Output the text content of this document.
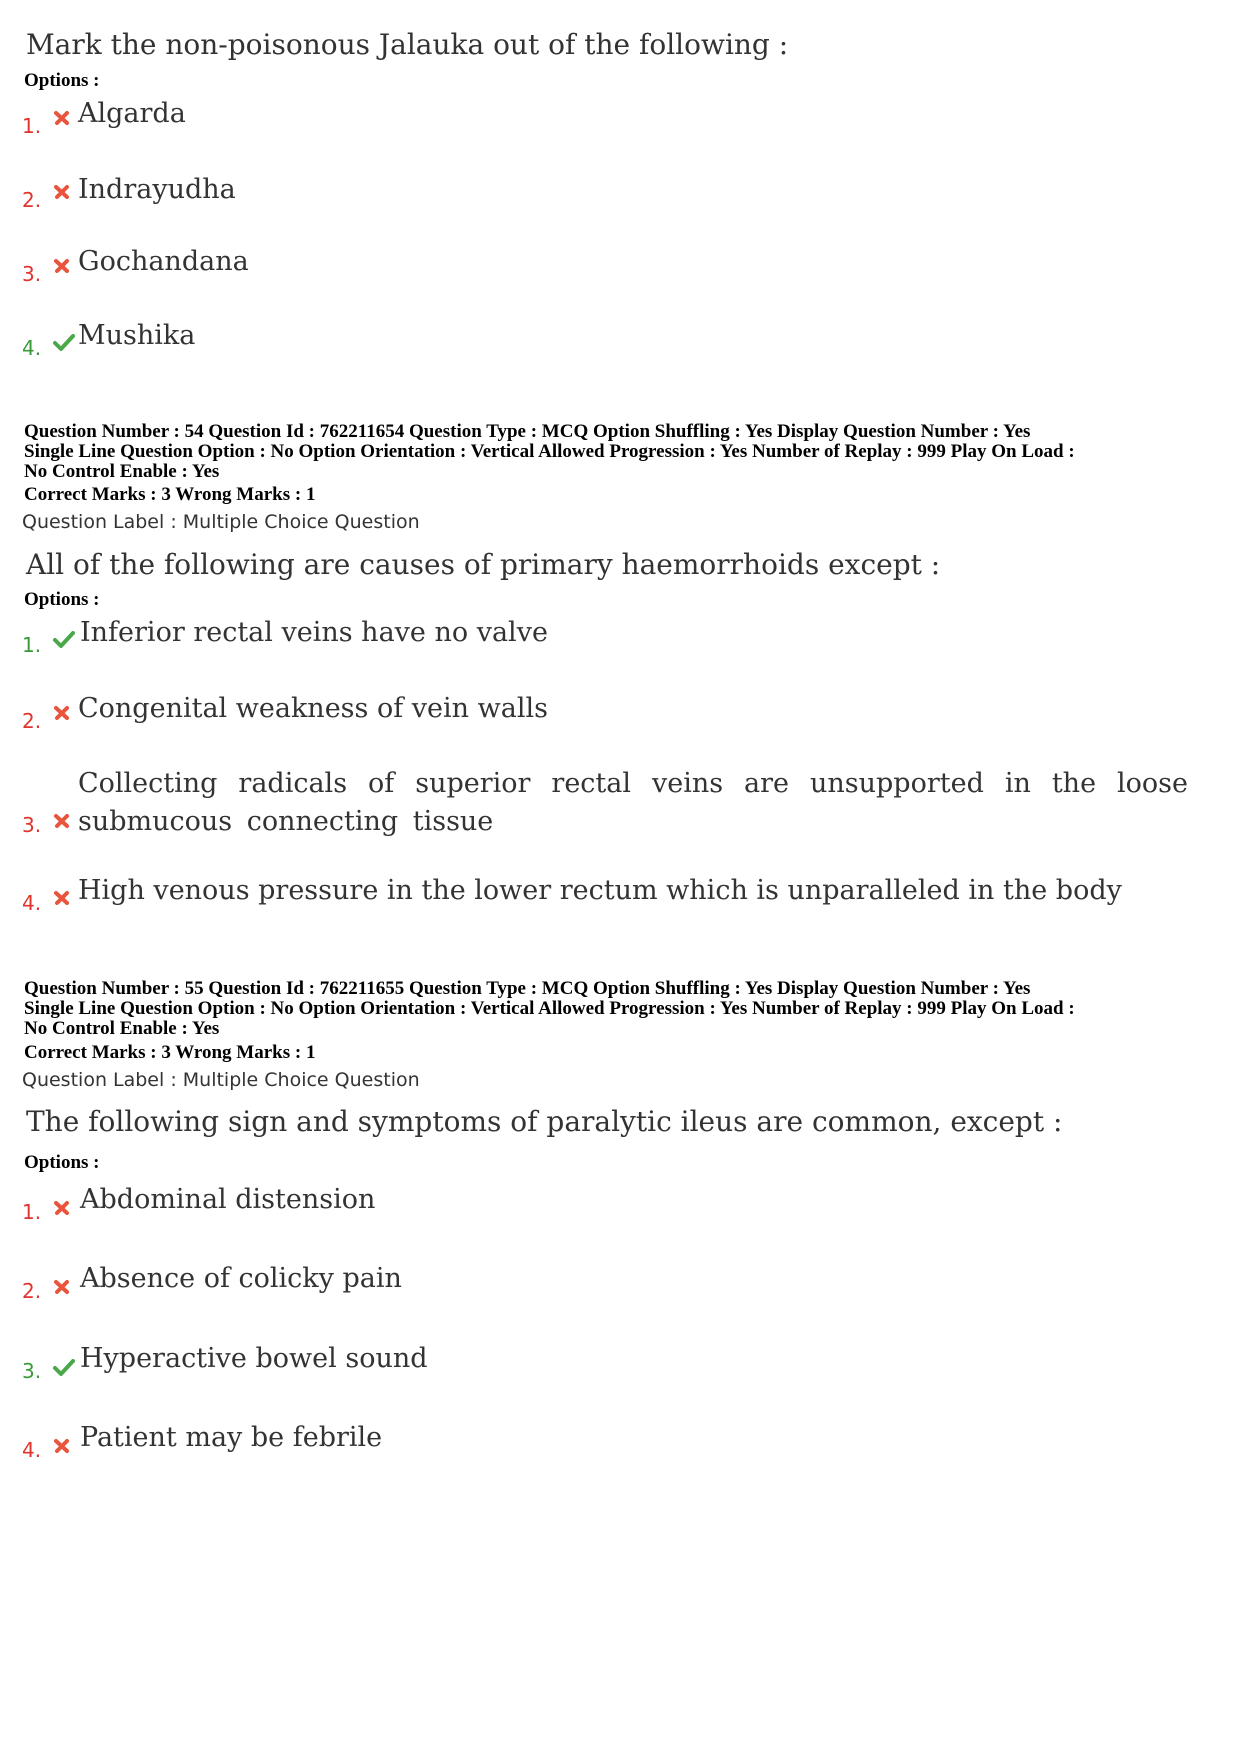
Mark the non-poisonous Jalauka out of the following :
Options :
1. Algarda
2. Indrayudha
3. Gochandana
4. Mushika
Question Number : 54 Question Id : 762211654 Question Type : MCQ Option Shuffling : Yes Display Question Number : Yes
Single Line Question Option : No Option Orientation : Vertical Allowed Progression : Yes Number of Replay : 999 Play On Load :
No Control Enable : Yes
Correct Marks : 3 Wrong Marks : 1
Question Label : Multiple Choice Question
All of the following are causes of primary haemorrhoids except :
Options :
1. Inferior rectal veins have no valve
2. Congenital weakness of vein walls
3.
Collecting radicals of superior rectal veins are unsupported in the loose submucous connecting tissue
4. High venous pressure in the lower rectum which is unparalleled in the body
Question Number : 55 Question Id : 762211655 Question Type : MCQ Option Shuffling : Yes Display Question Number : Yes
Single Line Question Option : No Option Orientation : Vertical Allowed Progression : Yes Number of Replay : 999 Play On Load :
No Control Enable : Yes
Correct Marks : 3 Wrong Marks : 1
Question Label : Multiple Choice Question
The following sign and symptoms of paralytic ileus are common, except :
Options :
1. Abdominal distension
2. Absence of colicky pain
3. Hyperactive bowel sound
4. Patient may be febrile
